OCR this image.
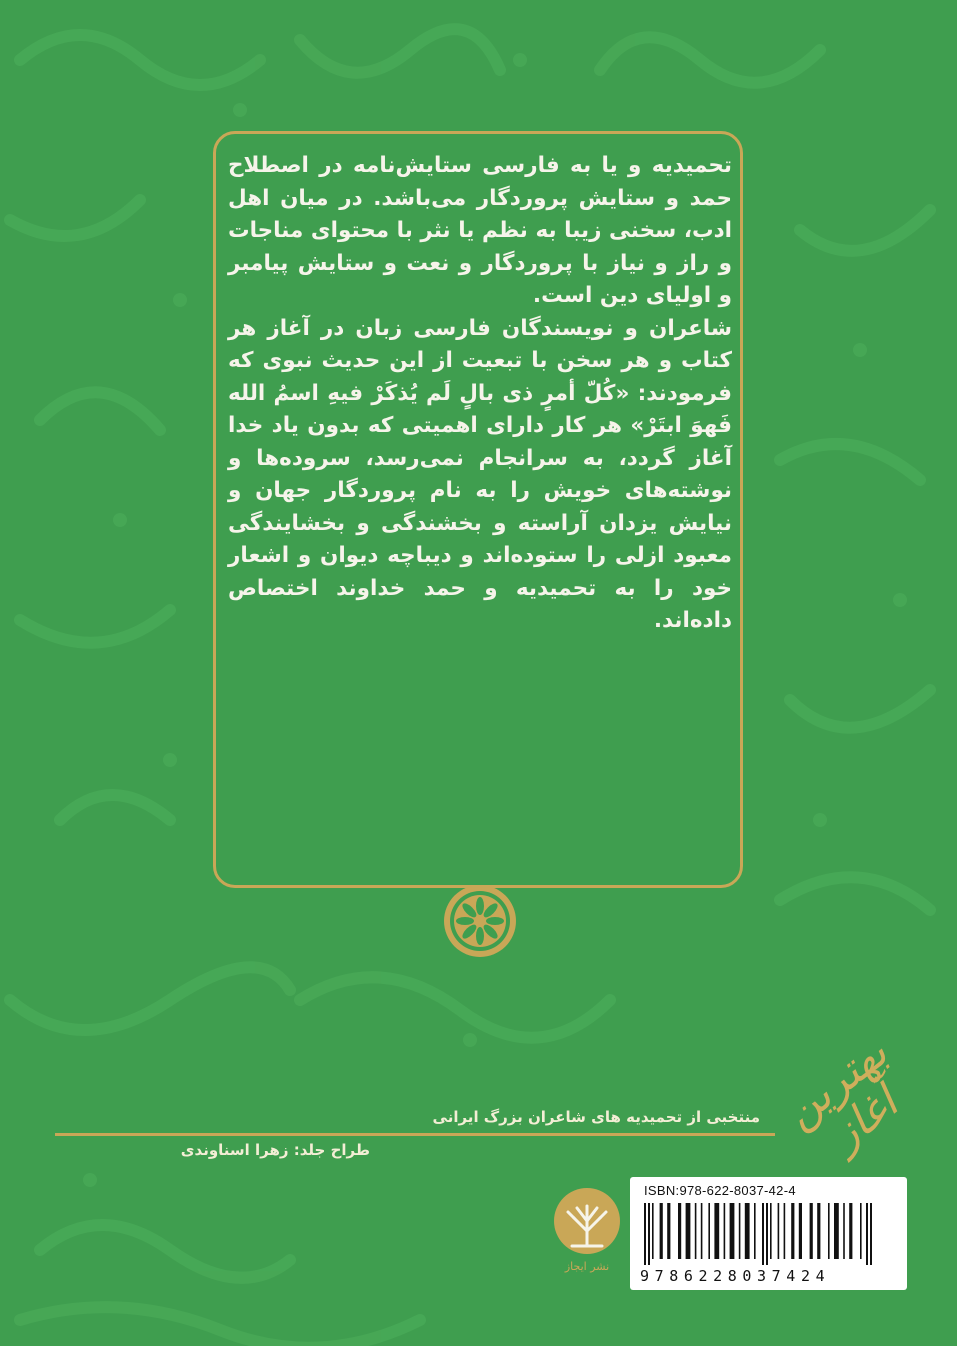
تحمیدیه و یا به فارسی ستایش‌نامه در اصطلاح حمد و ستایش پروردگار می‌باشد. در میان اهل ادب، سخنی زیبا به نظم یا نثر با محتوای مناجات و راز و نیاز با پروردگار و نعت و ستایش پیامبر و اولیای دین است.
شاعران و نویسندگان فارسی زبان در آغاز هر کتاب و هر سخن با تبعیت از این حدیث نبوی که فرمودند: «کُلّ أمرٍ ذی بالٍ لَم یُذکَرْ فیهِ اسمُ الله فَهوَ ابتَرْ» هر کار دارای اهمیتی که بدون یاد خدا آغاز گردد، به سرانجام نمی‌رسد، سروده‌ها و نوشته‌های خویش را به نام پروردگار جهان و نیایش یزدان آراسته و بخشندگی و بخشایندگی معبود ازلی را ستوده‌اند و دیباچه دیوان و اشعار خود را به تحمیدیه و حمد خداوند اختصاص داده‌اند.

بهترین آغاز
منتخبی از تحمیدیه های شاعران بزرگ ایرانی
طراح جلد: زهرا اسناوندی
ISBN:978-622-8037-42-4
9786228037424
نشر ایجاز
